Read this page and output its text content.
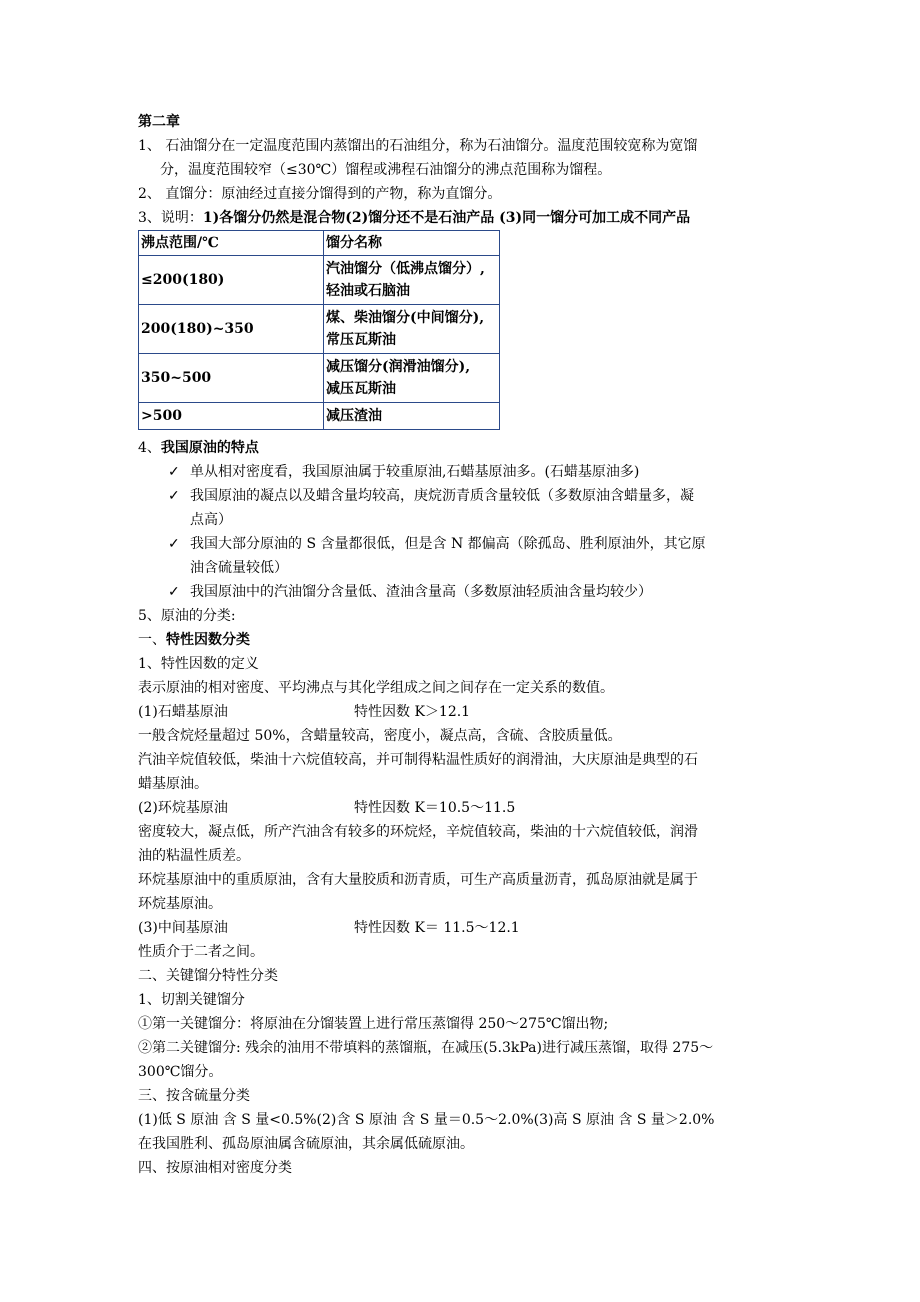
第二章
1、 石油馏分在一定温度范围内蒸馏出的石油组分，称为石油馏分。温度范围较宽称为宽馏
分，温度范围较窄（≤30℃）馏程或沸程石油馏分的沸点范围称为馏程。
2、 直馏分：原油经过直接分馏得到的产物，称为直馏分。
3、说明：1)各馏分仍然是混合物(2)馏分还不是石油产品 (3)同一馏分可加工成不同产品
沸点范围/℃	馏分名称
≤200(180)	汽油馏分（低沸点馏分）,
轻油或石脑油

200(180)~350	煤、柴油馏分(中间馏分),
常压瓦斯油

350~500	减压馏分(润滑油馏分),
减压瓦斯油

>500	减压渣油
4、我国原油的特点
✓ 单从相对密度看，我国原油属于较重原油,石蜡基原油多。(石蜡基原油多)
✓ 我国原油的凝点以及蜡含量均较高，庚烷沥青质含量较低（多数原油含蜡量多，凝
点高）
✓ 我国大部分原油的 S 含量都很低，但是含 N 都偏高（除孤岛、胜利原油外，其它原
油含硫量较低）
✓ 我国原油中的汽油馏分含量低、渣油含量高（多数原油轻质油含量均较少）
5、原油的分类:
一、特性因数分类
1、特性因数的定义
表示原油的相对密度、平均沸点与其化学组成之间之间存在一定关系的数值。
(1)石蜡基原油	特性因数 K＞12.1
一般含烷烃量超过 50%，含蜡量较高，密度小，凝点高，含硫、含胶质量低。
汽油辛烷值较低，柴油十六烷值较高，并可制得粘温性质好的润滑油，大庆原油是典型的石
蜡基原油。
(2)环烷基原油	特性因数 K＝10.5～11.5
密度较大，凝点低，所产汽油含有较多的环烷烃，辛烷值较高，柴油的十六烷值较低，润滑
油的粘温性质差。
环烷基原油中的重质原油，含有大量胶质和沥青质，可生产高质量沥青，孤岛原油就是属于
环烷基原油。
(3)中间基原油	特性因数 K＝ 11.5～12.1
性质介于二者之间。
二、关键馏分特性分类
1、切割关键馏分
①第一关键馏分：将原油在分馏装置上进行常压蒸馏得 250～275℃馏出物;
②第二关键馏分: 残余的油用不带填料的蒸馏瓶，在减压(5.3kPa)进行减压蒸馏，取得 275～
300℃馏分。
三、按含硫量分类
(1)低 S 原油 含 S 量<0.5%(2)含 S 原油 含 S 量＝0.5～2.0%(3)高 S 原油 含 S 量＞2.0%
在我国胜利、孤岛原油属含硫原油，其余属低硫原油。
四、按原油相对密度分类
